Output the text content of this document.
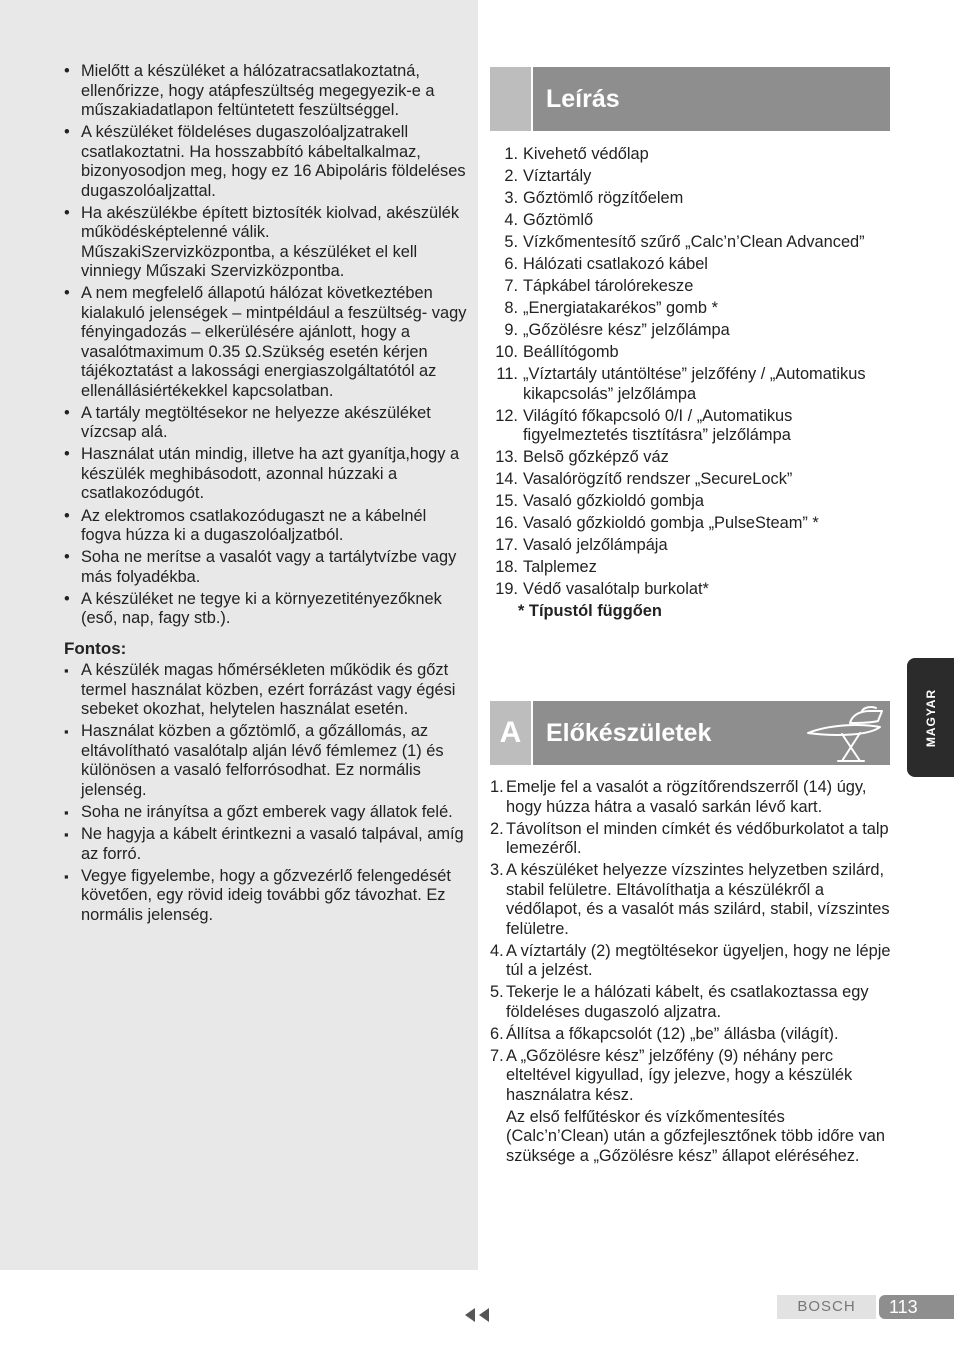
• Mielőtt a készüléket a hálózatracsatlakoztatná, ellenőrizze, hogy atápfeszültség megegyezik-e a műszakiadatlapon feltüntetett feszültséggel.
• A készüléket földeléses dugaszolóaljzatrakell csatlakoztatni. Ha hosszabbító kábeltalkalmaz, bizonyosodjon meg, hogy ez 16 Abipoláris földeléses dugaszolóaljzattal.
• Ha akészülékbe épített biztosíték kiolvad, akészülék működésképtelenné válik. MűszakiSzervizközpontba, a készüléket el kell vinniegy Műszaki Szervizközpontba.
• A nem megfelelő állapotú hálózat következtében kialakuló jelenségek – mintpéldául a feszültség- vagy fényingadozás – elkerülésére ajánlott, hogy a vasalótmaximum 0.35 Ω.Szükség esetén kérjen tájékoztatást a lakossági energiaszolgáltatótól az ellenállásiértékekkel kapcsolatban.
• A tartály megtöltésekor ne helyezze akészüléket vízcsap alá.
• Használat után mindig, illetve ha azt gyanítja,hogy a készülék meghibásodott, azonnal húzzaki a csatlakozódugót.
• Az elektromos csatlakozódugaszt ne a kábelnél fogva húzza ki a dugaszolóaljzatból.
• Soha ne merítse a vasalót vagy a tartálytvízbe vagy más folyadékba.
• A készüléket ne tegye ki a környezetitényezőknek (eső, nap, fagy stb.).
Fontos:
▪ A készülék magas hőmérsékleten működik és gőzt termel használat közben, ezért forrázást vagy égési sebeket okozhat, helytelen használat esetén.
▪ Használat közben a gőztömlő, a gőzállomás, az eltávolítható vasalótalp alján lévő fémlemez (1) és különösen a vasaló felforrósodhat. Ez normális jelenség.
▪ Soha ne irányítsa a gőzt emberek vagy állatok felé.
▪ Ne hagyja a kábelt érintkezni a vasaló talpával, amíg az forró.
▪ Vegye figyelembe, hogy a gőzvezérlő felengedését követően, egy rövid ideig további gőz távozhat. Ez normális jelenség.
Leírás
1. Kivehető védőlap
2. Víztartály
3. Gőztömlő rögzítőelem
4. Gőztömlő
5. Vízkőmentesítő szűrő „Calc’n’Clean Advanced”
6. Hálózati csatlakozó kábel
7. Tápkábel tárolórekesze
8. „Energiatakarékos” gomb *
9. „Gőzölésre kész” jelzőlámpa
10. Beállítógomb
11. „Víztartály utántöltése” jelzőfény / „Automatikus kikapcsolás” jelzőlámpa
12. Világító főkapcsoló 0/I / „Automatikus figyelmeztetés tisztításra” jelzőlámpa
13. Belsõ gőzképző váz
14. Vasalórögzítő rendszer „SecureLock”
15. Vasaló gőzkioldó gombja
16. Vasaló gőzkioldó gombja „PulseSteam” *
17. Vasaló jelzőlámpája
18. Talplemez
19. Védő vasalótalp burkolat*
* Típustól függően
A Előkészületek
1. Emelje fel a vasalót a rögzítőrendszerről (14) úgy, hogy húzza hátra a vasaló sarkán lévő kart.
2. Távolítson el minden címkét és védőburkolatot a talp lemezéről.
3. A készüléket helyezze vízszintes helyzetben szilárd, stabil felületre. Eltávolíthatja a készülékről a védőlapot, és a vasalót más szilárd, stabil, vízszintes felületre.
4. A víztartály (2) megtöltésekor ügyeljen, hogy ne lépje túl a jelzést.
5. Tekerje le a hálózati kábelt, és csatlakoztassa egy földeléses dugaszoló aljzatra.
6. Állítsa a főkapcsolót (12) „be” állásba (világít).
7. A „Gőzölésre kész” jelzőfény (9) néhány perc elteltével kigyullad, így jelezve, hogy a készülék használatra kész.
Az első felfűtéskor és vízkőmentesítés (Calc’n’Clean) után a gőzfejlesztőnek több időre van szüksége a „Gőzölésre kész” állapot eléréséhez.
MAGYAR
BOSCH	113
